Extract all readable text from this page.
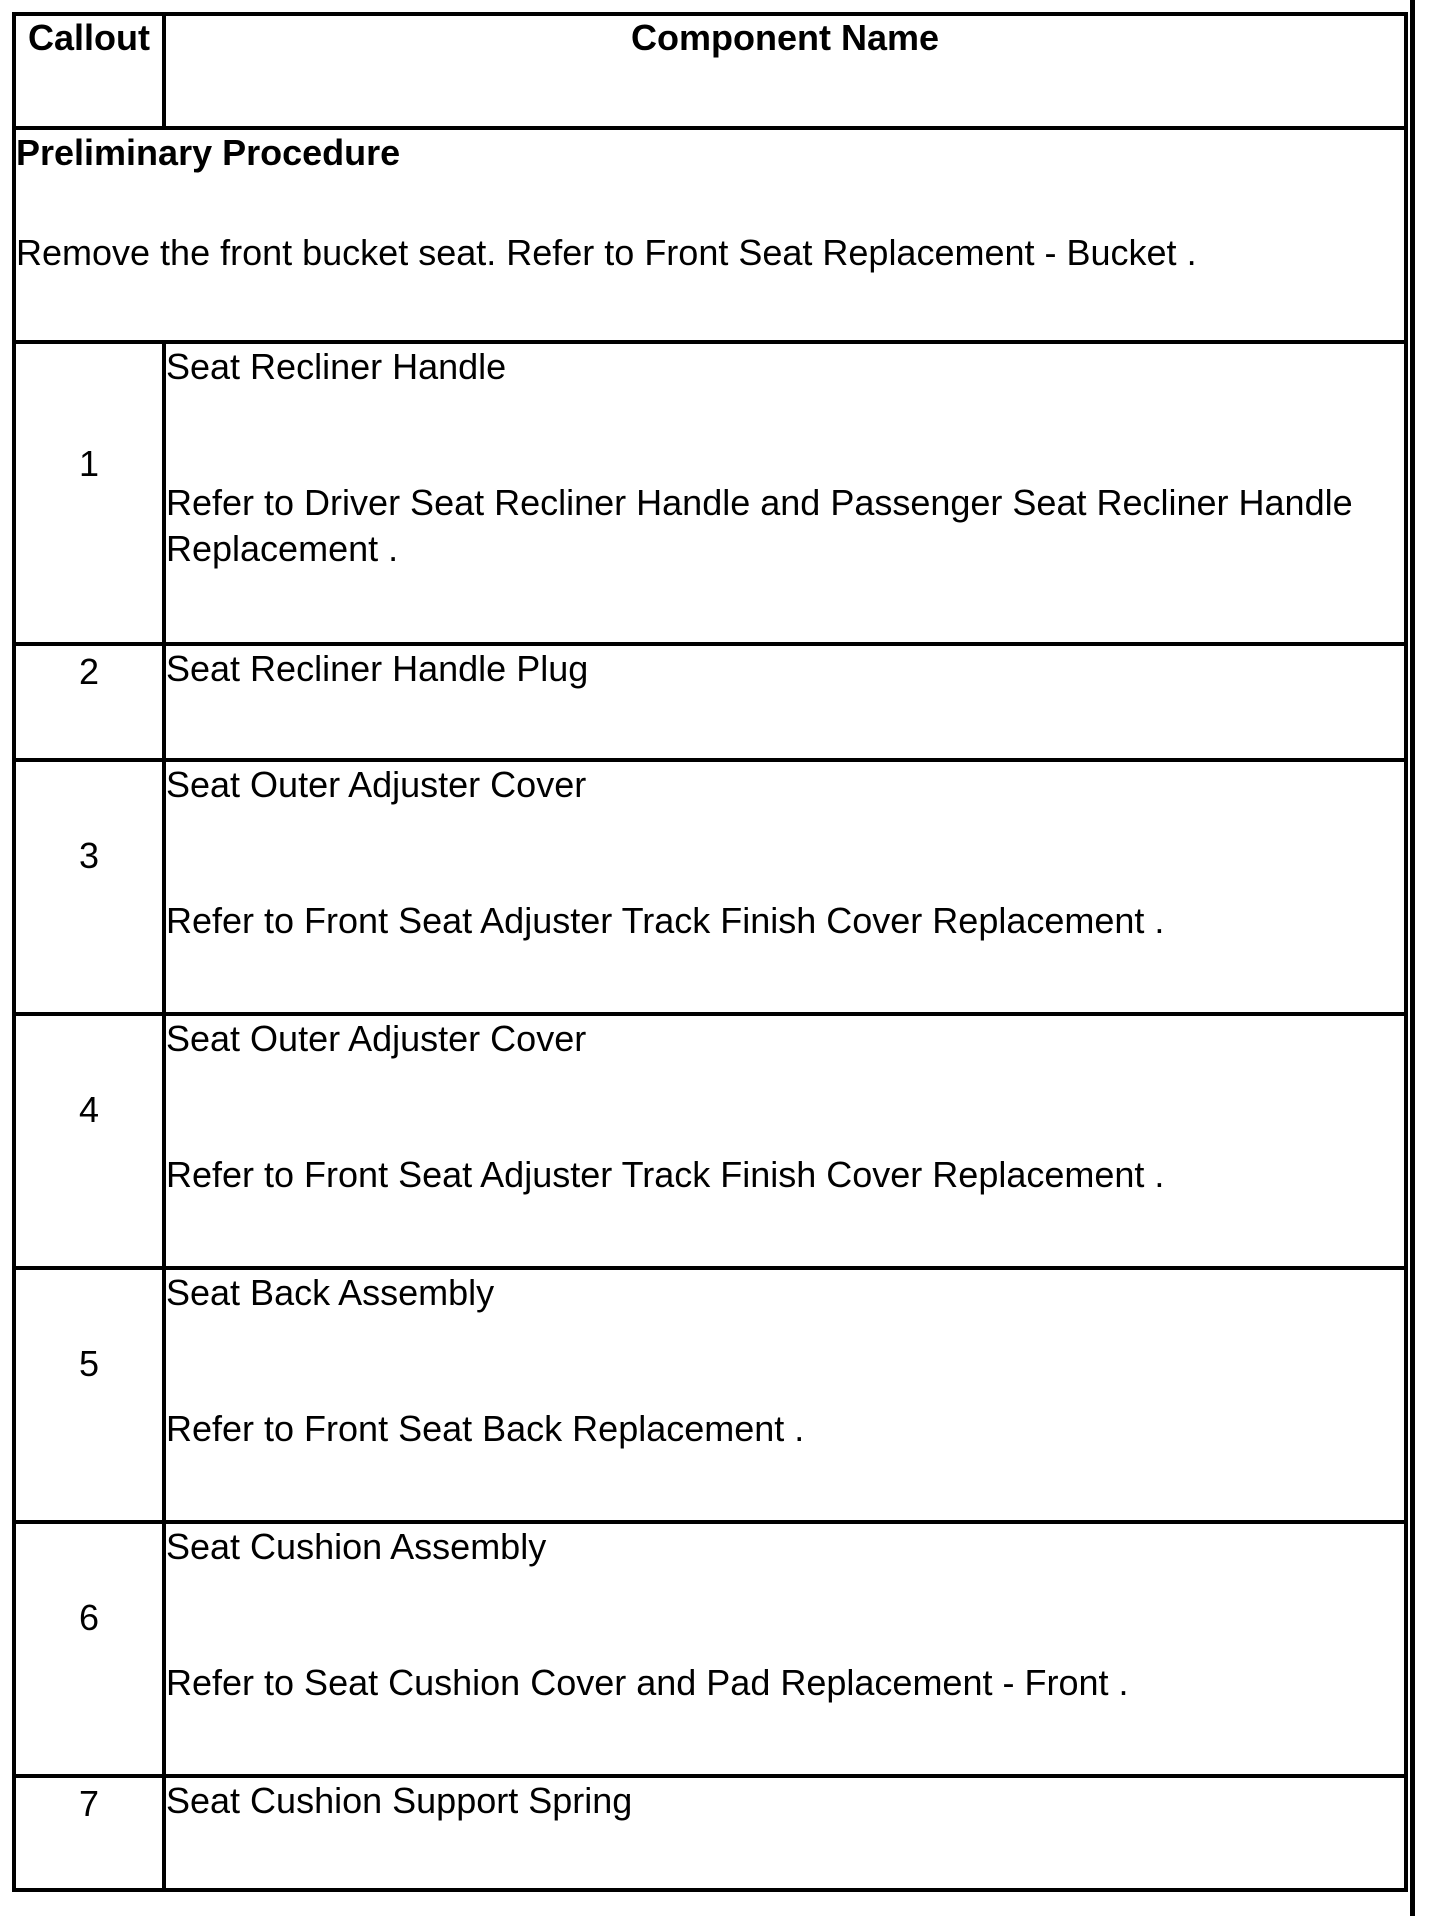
Callout	Component Name

Preliminary Procedure
Remove the front bucket seat. Refer to Front Seat Replacement - Bucket .	

1	Seat Recliner Handle
Refer to Driver Seat Recliner Handle and Passenger Seat Recliner Handle Replacement .

2	Seat Recliner Handle Plug

3	Seat Outer Adjuster Cover
Refer to Front Seat Adjuster Track Finish Cover Replacement .

4	Seat Outer Adjuster Cover
Refer to Front Seat Adjuster Track Finish Cover Replacement .

5	Seat Back Assembly
Refer to Front Seat Back Replacement .

6	Seat Cushion Assembly
Refer to Seat Cushion Cover and Pad Replacement - Front .

7	Seat Cushion Support Spring
